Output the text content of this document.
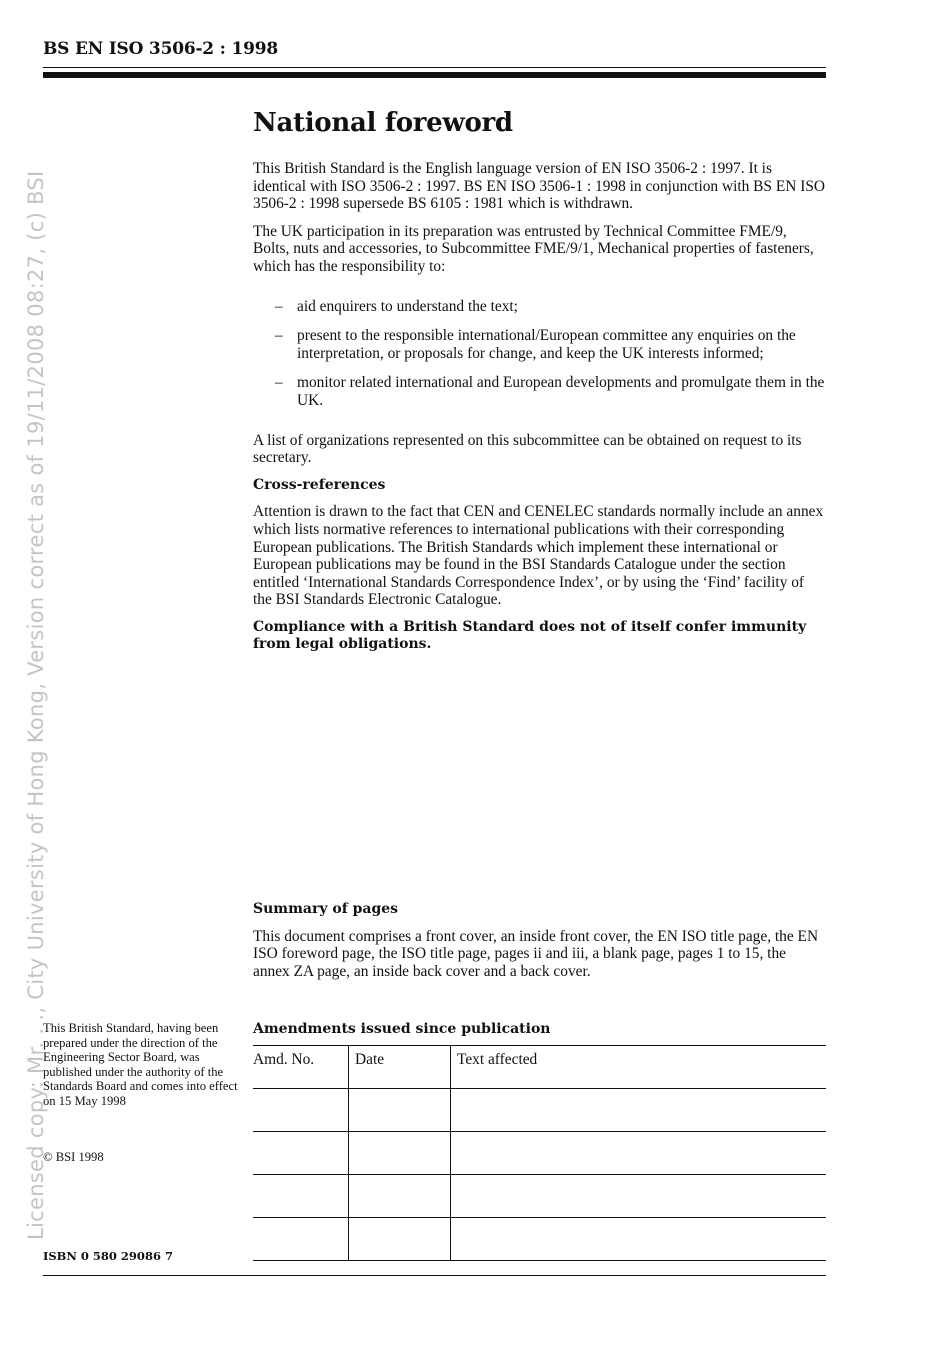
BS EN ISO 3506-2 : 1998
Licensed copy: Mr. . ., City University of Hong Kong, Version correct as of 19/11/2008 08:27, (c) BSI
National foreword

This British Standard is the English language version of EN ISO 3506-2 : 1997. It is identical with ISO 3506-2 : 1997. BS EN ISO 3506-1 : 1998 in conjunction with BS EN ISO 3506-2 : 1998 supersede BS 6105 : 1981 which is withdrawn.

The UK participation in its preparation was entrusted by Technical Committee FME/9, Bolts, nuts and accessories, to Subcommittee FME/9/1, Mechanical properties of fasteners, which has the responsibility to:

– aid enquirers to understand the text;
– present to the responsible international/European committee any enquiries on the interpretation, or proposals for change, and keep the UK interests informed;
– monitor related international and European developments and promulgate them in the UK.

A list of organizations represented on this subcommittee can be obtained on request to its secretary.

Cross-references

Attention is drawn to the fact that CEN and CENELEC standards normally include an annex which lists normative references to international publications with their corresponding European publications. The British Standards which implement these international or European publications may be found in the BSI Standards Catalogue under the section entitled ‘International Standards Correspondence Index’, or by using the ‘Find’ facility of the BSI Standards Electronic Catalogue.

Compliance with a British Standard does not of itself confer immunity from legal obligations.

Summary of pages

This document comprises a front cover, an inside front cover, the EN ISO title page, the EN ISO foreword page, the ISO title page, pages ii and iii, a blank page, pages 1 to 15, the annex ZA page, an inside back cover and a back cover.

This British Standard, having been prepared under the direction of the Engineering Sector Board, was published under the authority of the Standards Board and comes into effect on 15 May 1998

© BSI 1998
ISBN 0 580 29086 7
Amendments issued since publication
Amd. No.	Date	Text affected
